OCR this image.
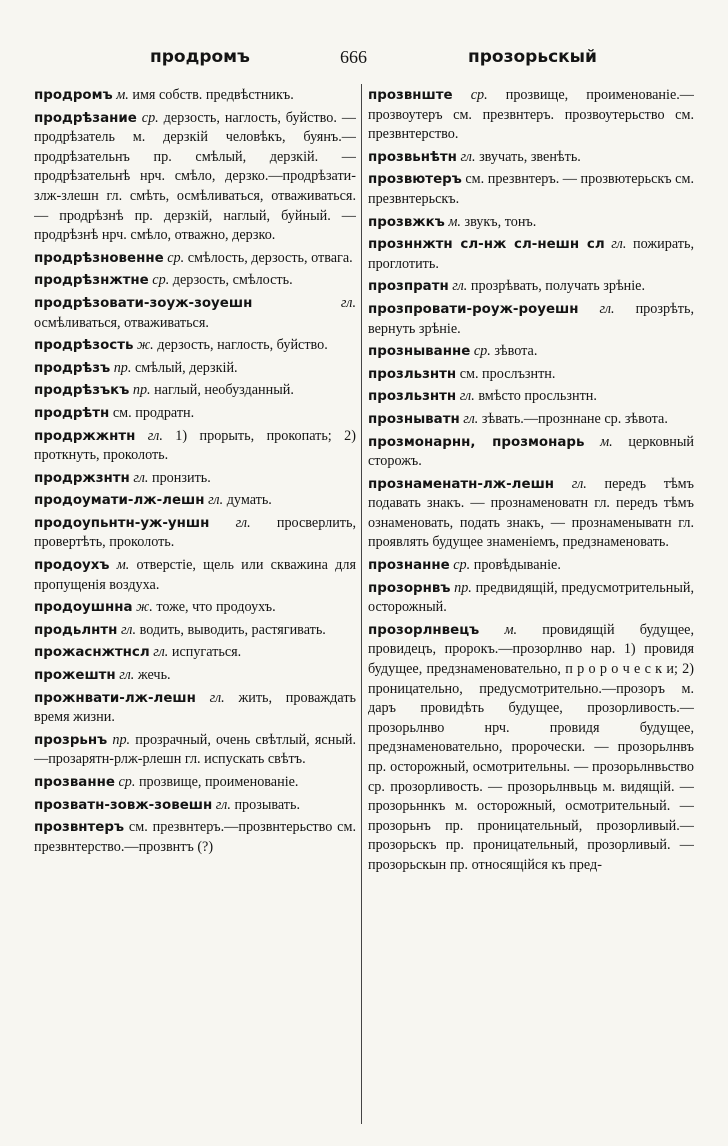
продромъ	666	прозорьскый

продромъ м. имя собств. предвѣстникъ.

продрѣзание ср. дерзость, наглость, буйство. — продрѣзатель м. дерзкій человѣкъ, буянъ.—продрѣзательнъ пр. смѣлый, дерзкій. — продрѣзательнѣ нрч. смѣло, дерзко.—продрѣзати-злж-злешн гл. смѣть, осмѣливаться, отваживаться. — продрѣзнѣ пр. дерзкій, наглый, буйный. —продрѣзнѣ нрч. смѣло, отважно, дерзко.

продрѣзновенне ср. смѣлость, дерзость, отвага.

продрѣзнжтне ср. дерзость, смѣлость.

продрѣзовати-зоуж-зоуешн	гл. осмѣливаться, отваживаться.

продрѣзость ж. дерзость, наглость, буйство.

продрѣзъ пр. смѣлый, дерзкій.

продрѣзъкъ пр. наглый, необузданный.

продрѣтн см. продратн.

продржжнтн гл. 1) прорыть, прокопать; 2) проткнуть, проколоть.

продржзнтн гл. пронзить.

продоумати-лж-лешн гл. думать.

продоупьнтн-уж-уншн гл. просверлить, провертѣть, проколоть.

продоухъ м. отверстіе, щель или скважина для пропущенія воздуха.

продоушнна ж. тоже, что продоухъ.

продьлнтн гл. водить, выводить, растягивать.

прожаснжтнсл гл. испугаться.

прожештн гл. жечь.

прожнвати-лж-лешн гл. жить, проваждать время жизни.

прозрьнъ пр. прозрачный, очень свѣтлый, ясный.—прозарятн-рлж-рлешн гл. испускать свѣтъ.

прозванне ср. прозвище, проименованіе.

прозватн-зовж-зовешн гл. прозывать.

прозвнтеръ см. презвнтеръ.—прозвнтерьство см. презвнтерство.—прозвнтъ (?)

прозвнште ср. прозвище, проименованіе.—прозвоутеръ см. презвнтеръ. прозвоутерьство см. презвнтерство.

прозвьнѣтн гл. звучать, звенѣть.

прозвютеръ см. презвнтеръ. — прозвютерьскъ см. презвнтерьскъ.

прозвжкъ м. звукъ, тонъ.

прозннжтн сл-нж сл-нешн сл гл. пожирать, проглотить.

прозпратн гл. прозрѣвать, получать зрѣніе.

прозпровати-роуж-роуешн гл. прозрѣть, вернуть зрѣніе.

прозныванне ср. зѣвота.

прозльзнтн см. прослъзнтн.

прозльзнтн гл. вмѣсто просльзнтн.

прозныватн гл. зѣвать.—прозннане ср. зѣвота.

прозмонарнн, прозмонарь м. церковный сторожъ.

прознаменатн-лж-лешн гл. передъ тѣмъ подавать знакъ. — прознаменоватн гл. передъ тѣмъ ознаменовать, подать знакъ, — прознаменыватн гл. проявлять будущее знаменіемъ, предзнаменовать.

прознанне ср. провѣдываніе.

прозорнвъ пр. предвидящій, предусмотрительный, осторожный.

прозорлнвецъ м. провидящій будущее, провидецъ, пророкъ.—прозорлнво нар. 1) провидя будущее, предзнаменовательно, п р о р о ч е с к и; 2) проницательно, предусмотрительно.—прозоръ м. даръ провидѣть будущее, прозорливость.—прозорьлнво нрч. провидя будущее, предзнаменовательно, пророчески. — прозорьлнвъ пр. осторожный, осмотрительны. — прозорьлнвьство ср. прозорливость. — прозорьлнвьць м. видящій. — прозорьннкъ м. осторожный, осмотрительный. — прозорьнъ пр. проницательный, прозорливый.—прозорьскъ пр. проницательный, прозорливый. — прозорьскын пр. относящійся къ пред-
